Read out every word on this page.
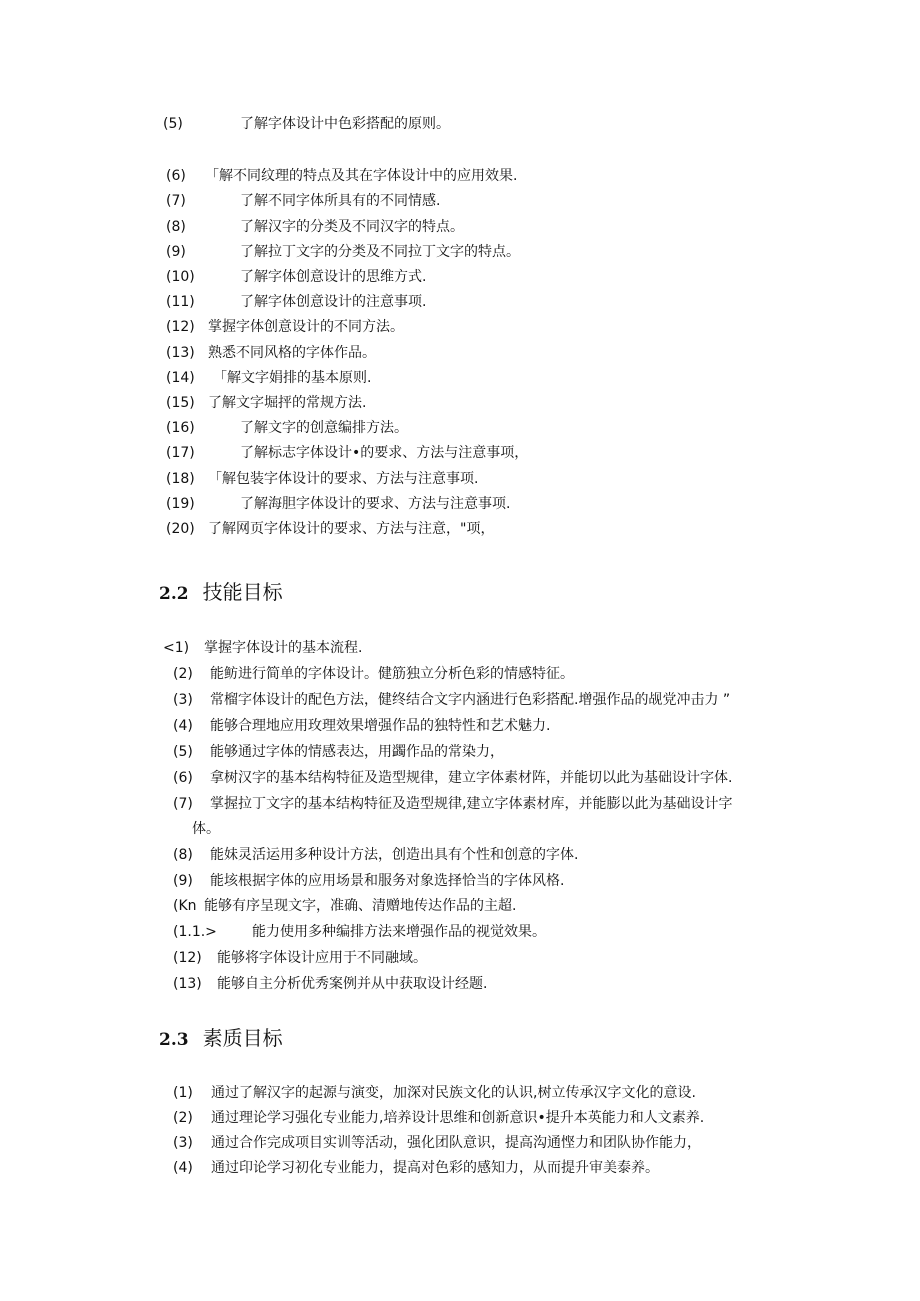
(5)	了解字体设计中色彩搭配的原则。
(6) 「解不同纹理的特点及其在字体设计中的应用效果.
(7)	了解不同字体所具有的不同情感.
(8)	了解汉字的分类及不同汉字的特点。
(9)	了解拉丁文字的分类及不同拉丁文字的特点。
(10)	了解字体创意设计的思维方式.
(11)	了解字体创意设计的注意事项.
(12) 掌握字体创意设计的不同方法。
(13) 熟悉不同风格的字体作品。
(14) 「解文字娟排的基本原则.
(15) 了解文字堀抨的常规方法.
(16)	了解文字的创意编排方法。
(17)	了解标志字体设计•的要求、方法与注意事项，
(18) 「解包装字体设计的要求、方法与注意事项.
(19)	了解海胆字体设计的要求、方法与注意事项.
(20) 了解网页字体设计的要求、方法与注意，"项，
2.2 技能目标
<1) 掌握字体设计的基本流程.
(2) 能鲂进行简单的字体设计。健筋独立分析色彩的情感特征。
(3) 常榴字体设计的配色方法，健终结合文字内涵进行色彩搭配.增强作品的觇党冲击力 ”
(4) 能够合理地应用玫理效果增强作品的独特性和艺术魅力.
(5) 能够通过字体的情感表达，用蠲作品的常染力，
(6) 拿树汉字的基本结构特征及造型规律，建立字体素材阵，并能切以此为基础设计字体.
(7) 掌握拉丁文字的基本结构特征及造型规律,建立字体素材库，并能膨以此为基础设计字
体。
(8) 能妹灵活运用多种设计方法，创造出具有个性和创意的字体.
(9) 能垓根据字体的应用场景和服务对象选择恰当的字体风格.
(Kn 能够有序呈现文字，准确、清赠地传达作品的主超.
(1.1.>	能力使用多种编排方法来增强作品的视觉效果。
(12) 能够将字体设计应用于不同融域。
(13) 能够自主分析优秀案例并从中获取设计经题.
2.3 素质目标
(1) 通过了解汉字的起源与演变，加深对民族文化的认识,树立传承汉字文化的意设.
(2) 通过理论学习强化专业能力,培养设计思维和创新意识•提升本英能力和人文素养.
(3) 通过合作完成项目实训等活动，强化团队意识，提高沟通悭力和团队协作能力，
(4) 通过印论学习初化专业能力，提高对色彩的感知力，从而提升审美泰养。
